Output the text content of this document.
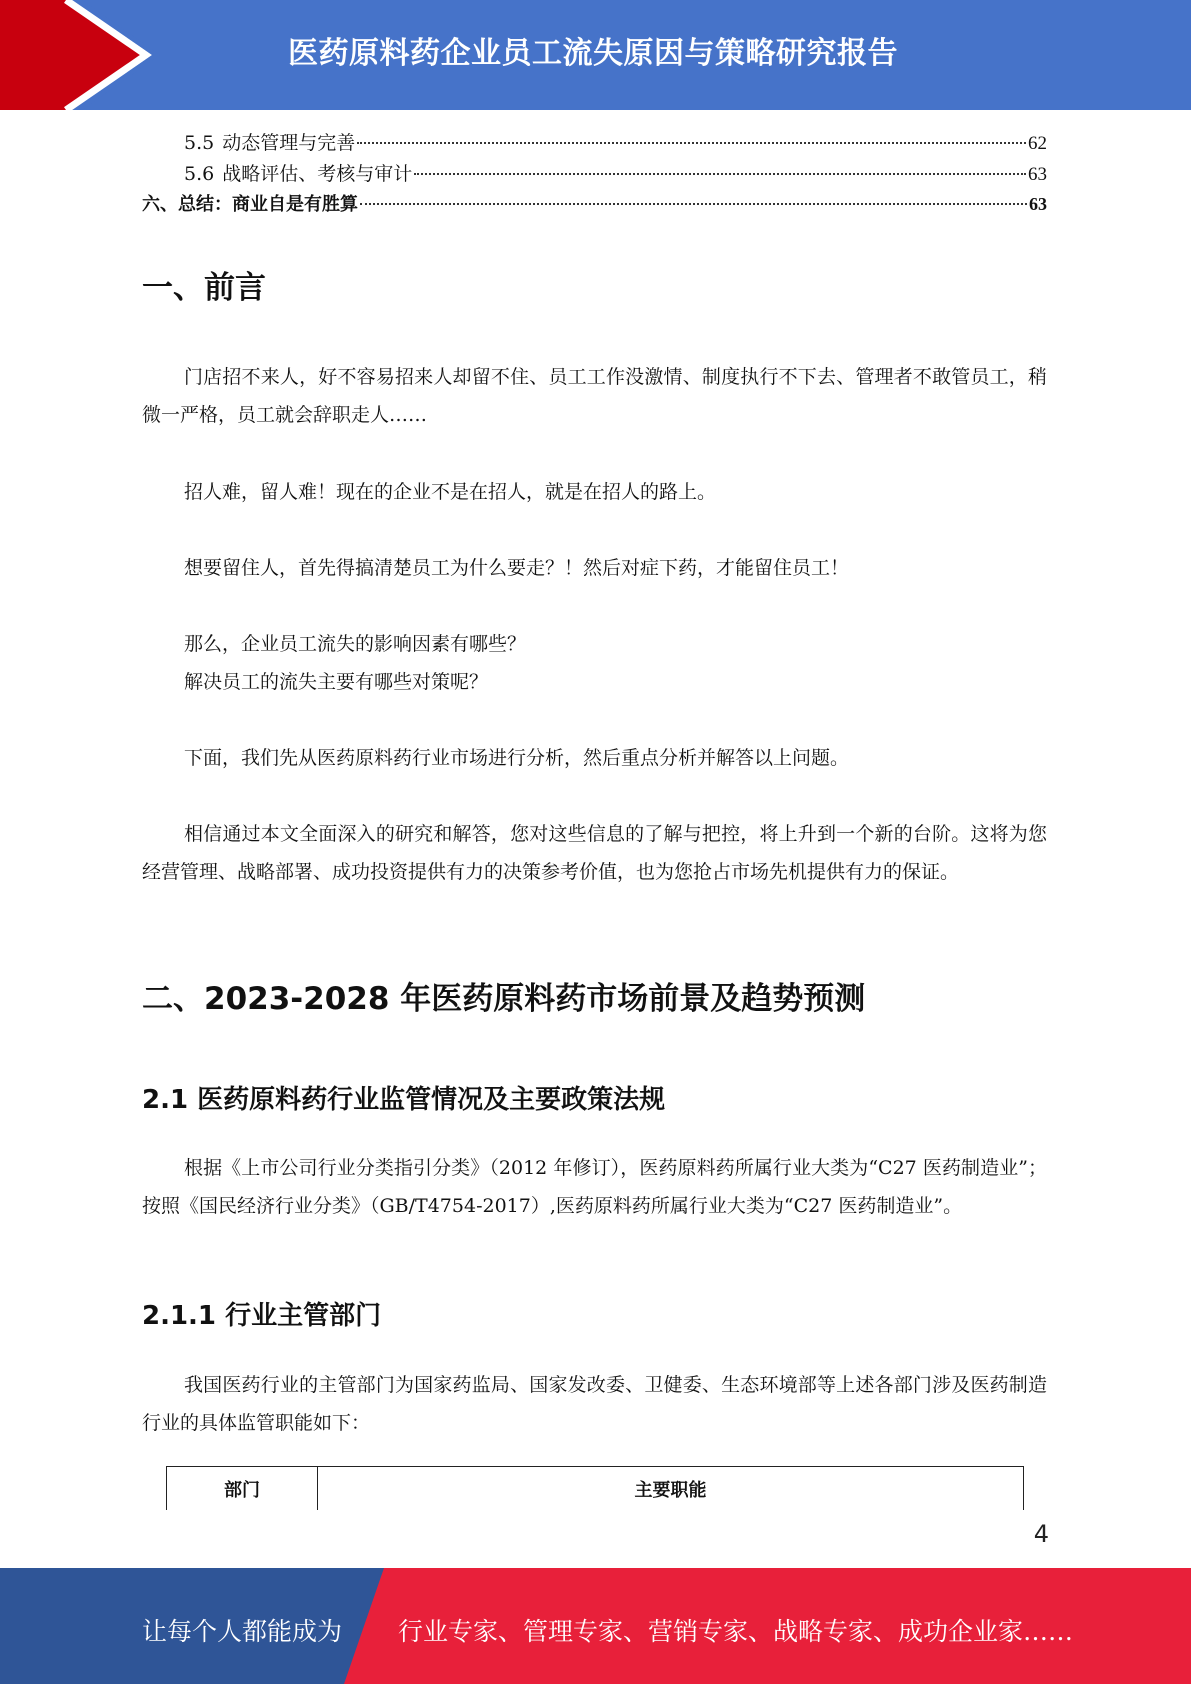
医药原料药企业员工流失原因与策略研究报告
5.5 动态管理与完善	62
5.6 战略评估、考核与审计	63
六、总结：商业自是有胜算	63
一、前言

门店招不来人，好不容易招来人却留不住、员工工作没激情、制度执行不下去、管理者不敢管员工，稍微一严格，员工就会辞职走人……

招人难，留人难！现在的企业不是在招人，就是在招人的路上。

想要留住人，首先得搞清楚员工为什么要走？！然后对症下药，才能留住员工！

那么，企业员工流失的影响因素有哪些？

解决员工的流失主要有哪些对策呢？

下面，我们先从医药原料药行业市场进行分析，然后重点分析并解答以上问题。

相信通过本文全面深入的研究和解答，您对这些信息的了解与把控，将上升到一个新的台阶。这将为您经营管理、战略部署、成功投资提供有力的决策参考价值，也为您抢占市场先机提供有力的保证。

二、2023-2028 年医药原料药市场前景及趋势预测
2.1 医药原料药行业监管情况及主要政策法规

根据《上市公司行业分类指引分类》（2012 年修订），医药原料药所属行业大类为“C27 医药制造业”；按照《国民经济行业分类》（GB/T4754-2017）,医药原料药所属行业大类为“C27 医药制造业”。

2.1.1 行业主管部门

我国医药行业的主管部门为国家药监局、国家发改委、卫健委、生态环境部等上述各部门涉及医药制造行业的具体监管职能如下：

部门	主要职能
4
让每个人都能成为 行业专家、管理专家、营销专家、战略专家、成功企业家……
